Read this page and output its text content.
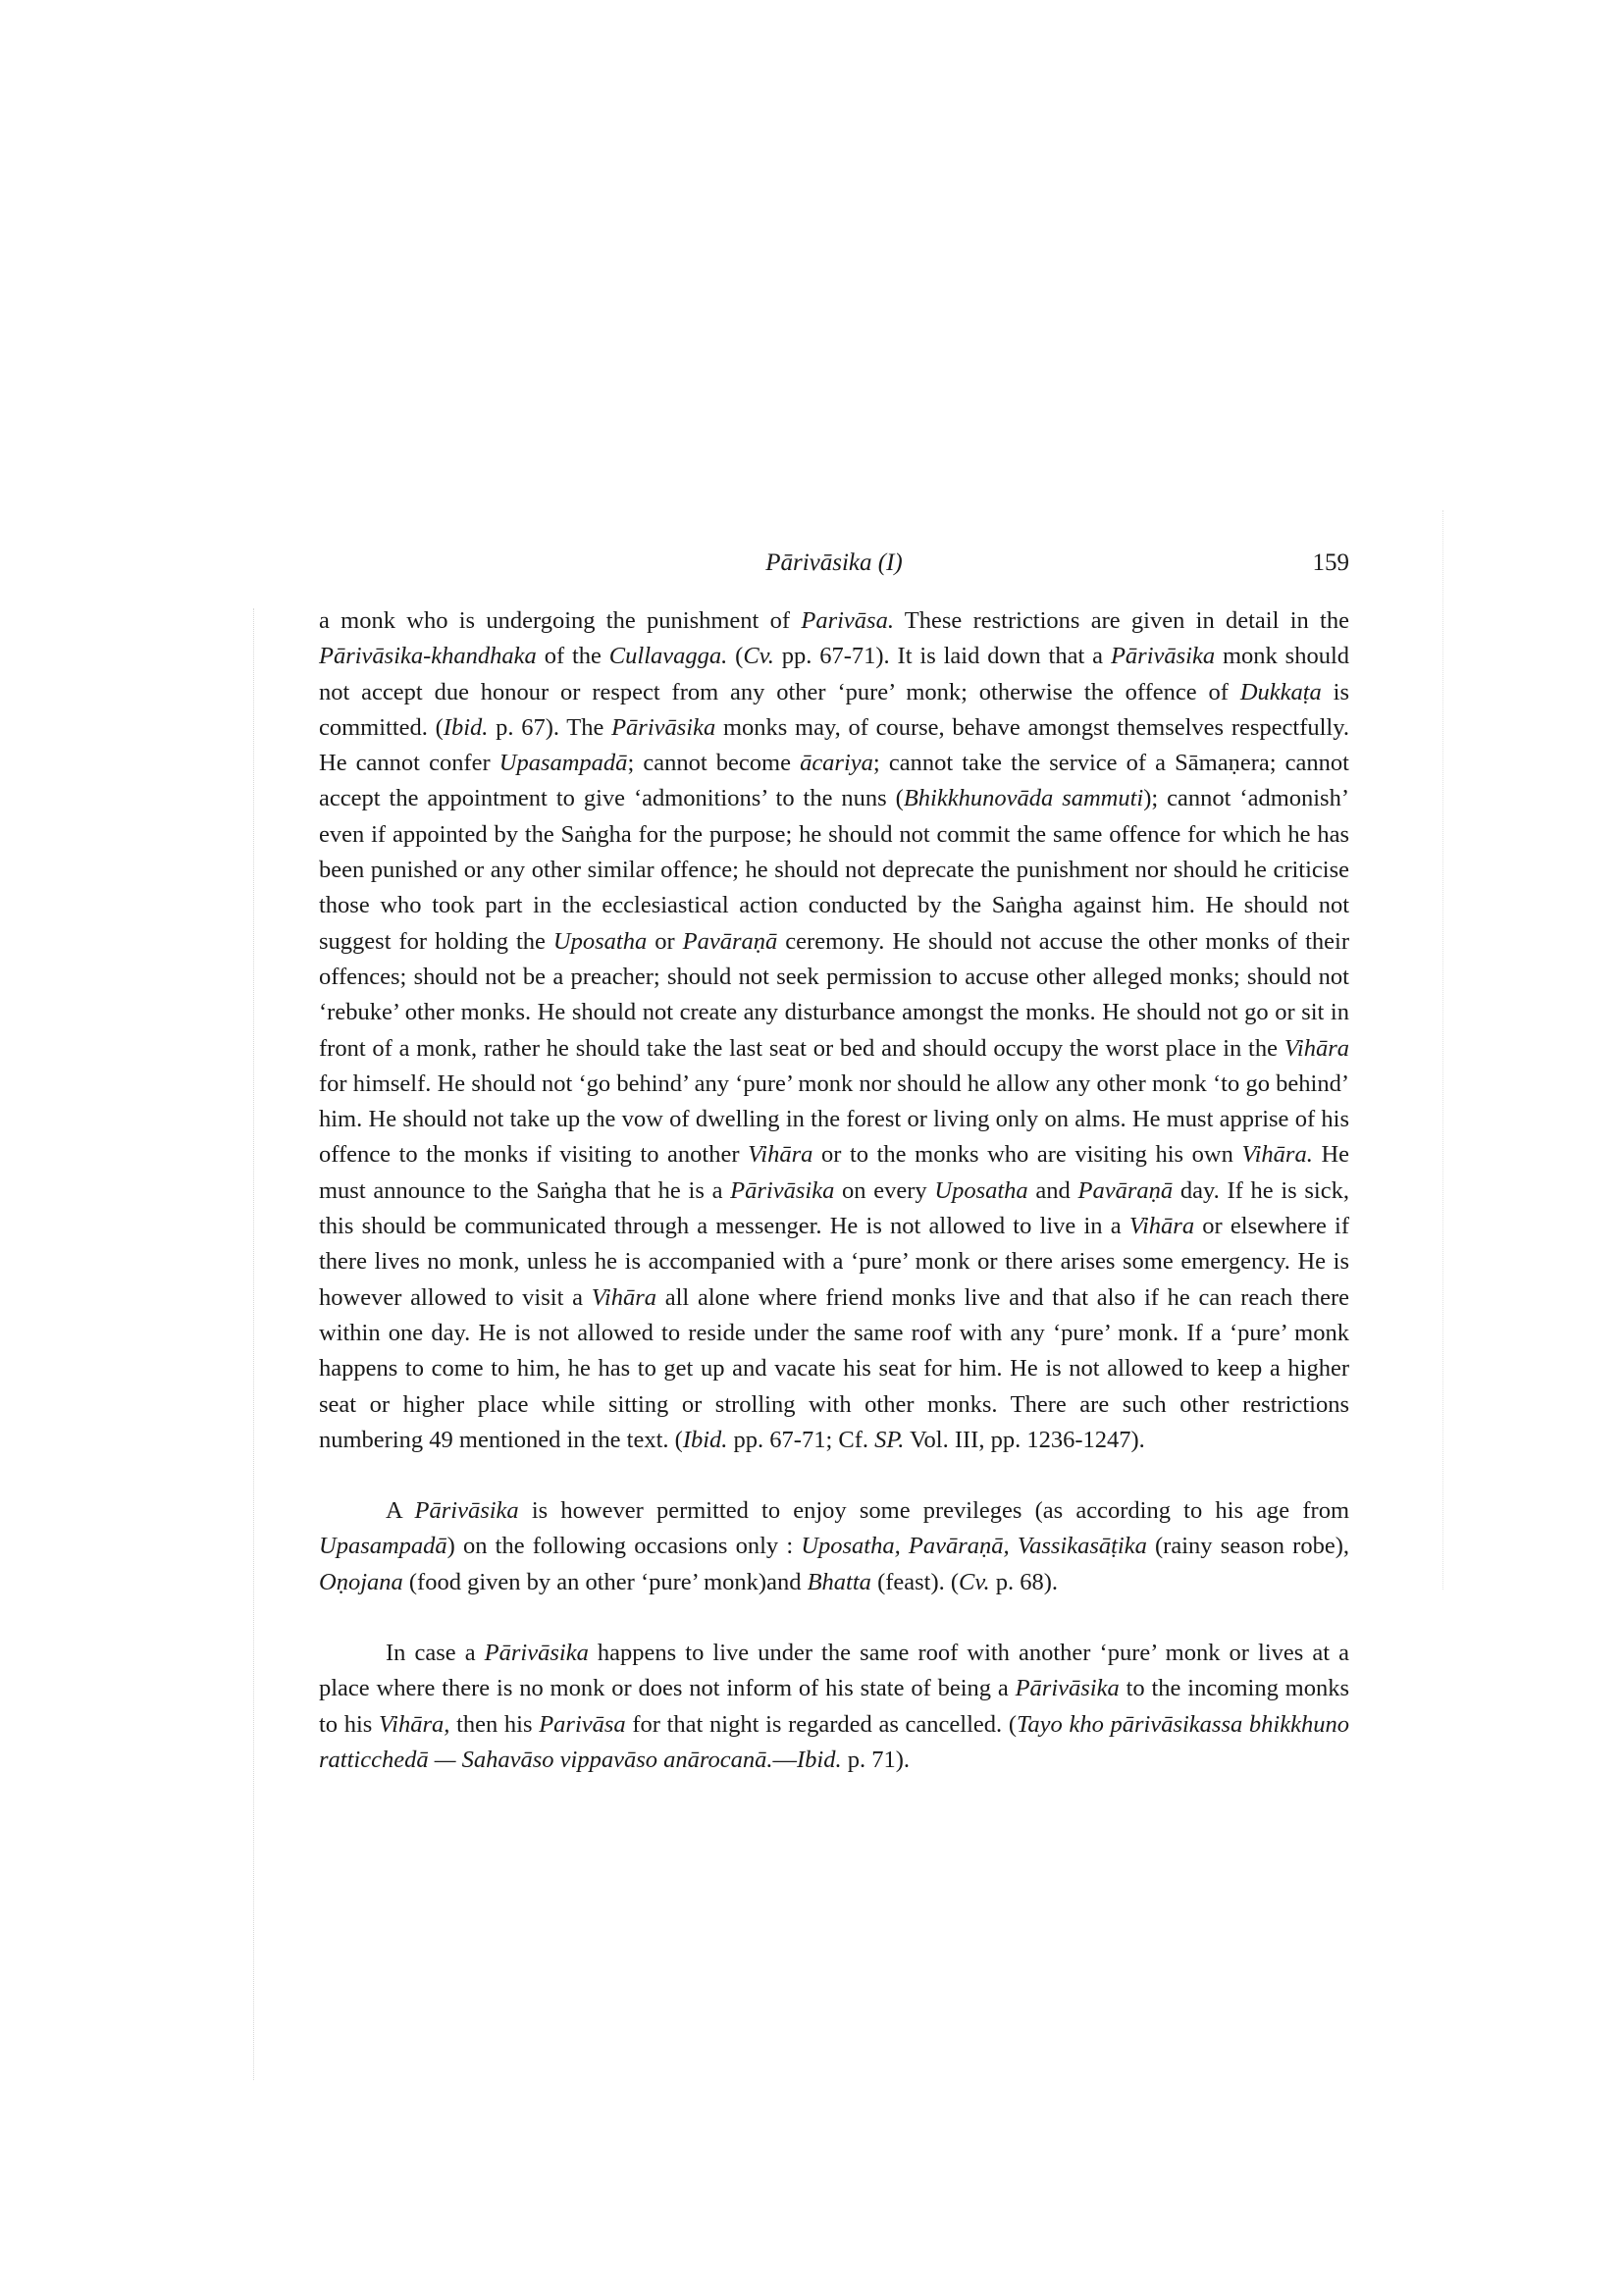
Pārivāsika (I)	159

a monk who is undergoing the punishment of Parivāsa. These restrictions are given in detail in the Pārivāsika-khandhaka of the Cullavagga. (Cv. pp. 67-71). It is laid down that a Pārivāsika monk should not accept due honour or respect from any other ‘pure’ monk; otherwise the offence of Dukkaṭa is committed. (Ibid. p. 67). The Pārivāsika monks may, of course, behave amongst themselves respectfully. He cannot confer Upasampadā; cannot become ācariya; cannot take the service of a Sāmaṇera; cannot accept the appointment to give ‘admonitions’ to the nuns (Bhikkhunovāda sammuti); cannot ‘admonish’ even if appointed by the Saṅgha for the purpose; he should not commit the same offence for which he has been punished or any other similar offence; he should not deprecate the punishment nor should he criticise those who took part in the ecclesiastical action conducted by the Saṅgha against him. He should not suggest for holding the Uposatha or Pavāraṇā ceremony. He should not accuse the other monks of their offences; should not be a preacher; should not seek permission to accuse other alleged monks; should not ‘rebuke’ other monks. He should not create any disturbance amongst the monks. He should not go or sit in front of a monk, rather he should take the last seat or bed and should occupy the worst place in the Vihāra for himself. He should not ‘go behind’ any ‘pure’ monk nor should he allow any other monk ‘to go behind’ him. He should not take up the vow of dwelling in the forest or living only on alms. He must apprise of his offence to the monks if visiting to another Vihāra or to the monks who are visiting his own Vihāra. He must announce to the Saṅgha that he is a Pārivāsika on every Uposatha and Pavāraṇā day. If he is sick, this should be communicated through a messenger. He is not allowed to live in a Vihāra or elsewhere if there lives no monk, unless he is accompanied with a ‘pure’ monk or there arises some emergency. He is however allowed to visit a Vihāra all alone where friend monks live and that also if he can reach there within one day. He is not allowed to reside under the same roof with any ‘pure’ monk. If a ‘pure’ monk happens to come to him, he has to get up and vacate his seat for him. He is not allowed to keep a higher seat or higher place while sitting or strolling with other monks. There are such other restrictions numbering 49 mentioned in the text. (Ibid. pp. 67-71; Cf. SP. Vol. III, pp. 1236-1247).

A Pārivāsika is however permitted to enjoy some previleges (as according to his age from Upasampadā) on the following occasions only : Uposatha, Pavāraṇā, Vassikasāṭika (rainy season robe), Oṇojana (food given by an other ‘pure’ monk)and Bhatta (feast). (Cv. p. 68).

In case a Pārivāsika happens to live under the same roof with another ‘pure’ monk or lives at a place where there is no monk or does not inform of his state of being a Pārivāsika to the incoming monks to his Vihāra, then his Parivāsa for that night is regarded as cancelled. (Tayo kho pārivāsikassa bhikkhuno ratticchedā — Sahavāso vippavāso anārocanā.—Ibid. p. 71).
